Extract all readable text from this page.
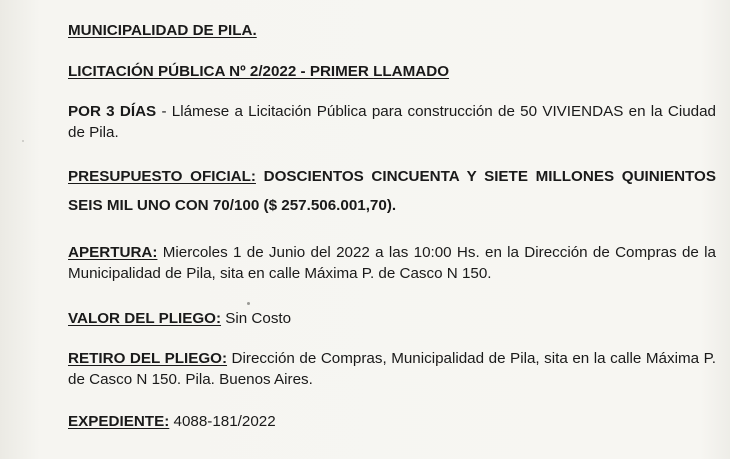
MUNICIPALIDAD DE PILA.

LICITACIÓN PÚBLICA Nº 2/2022 - PRIMER LLAMADO

POR 3 DÍAS - Llámese a Licitación Pública para construcción de 50 VIVIENDAS en la Ciudad de Pila.

PRESUPUESTO OFICIAL: DOSCIENTOS CINCUENTA Y SIETE MILLONES QUINIENTOS SEIS MIL UNO CON 70/100 ($ 257.506.001,70).

APERTURA: Miercoles 1 de Junio del 2022 a las 10:00 Hs. en la Dirección de Compras de la Municipalidad de Pila, sita en calle Máxima P. de Casco N 150.

VALOR DEL PLIEGO: Sin Costo

RETIRO DEL PLIEGO: Dirección de Compras, Municipalidad de Pila, sita en la calle Máxima P. de Casco N 150. Pila. Buenos Aires.

EXPEDIENTE: 4088-181/2022
